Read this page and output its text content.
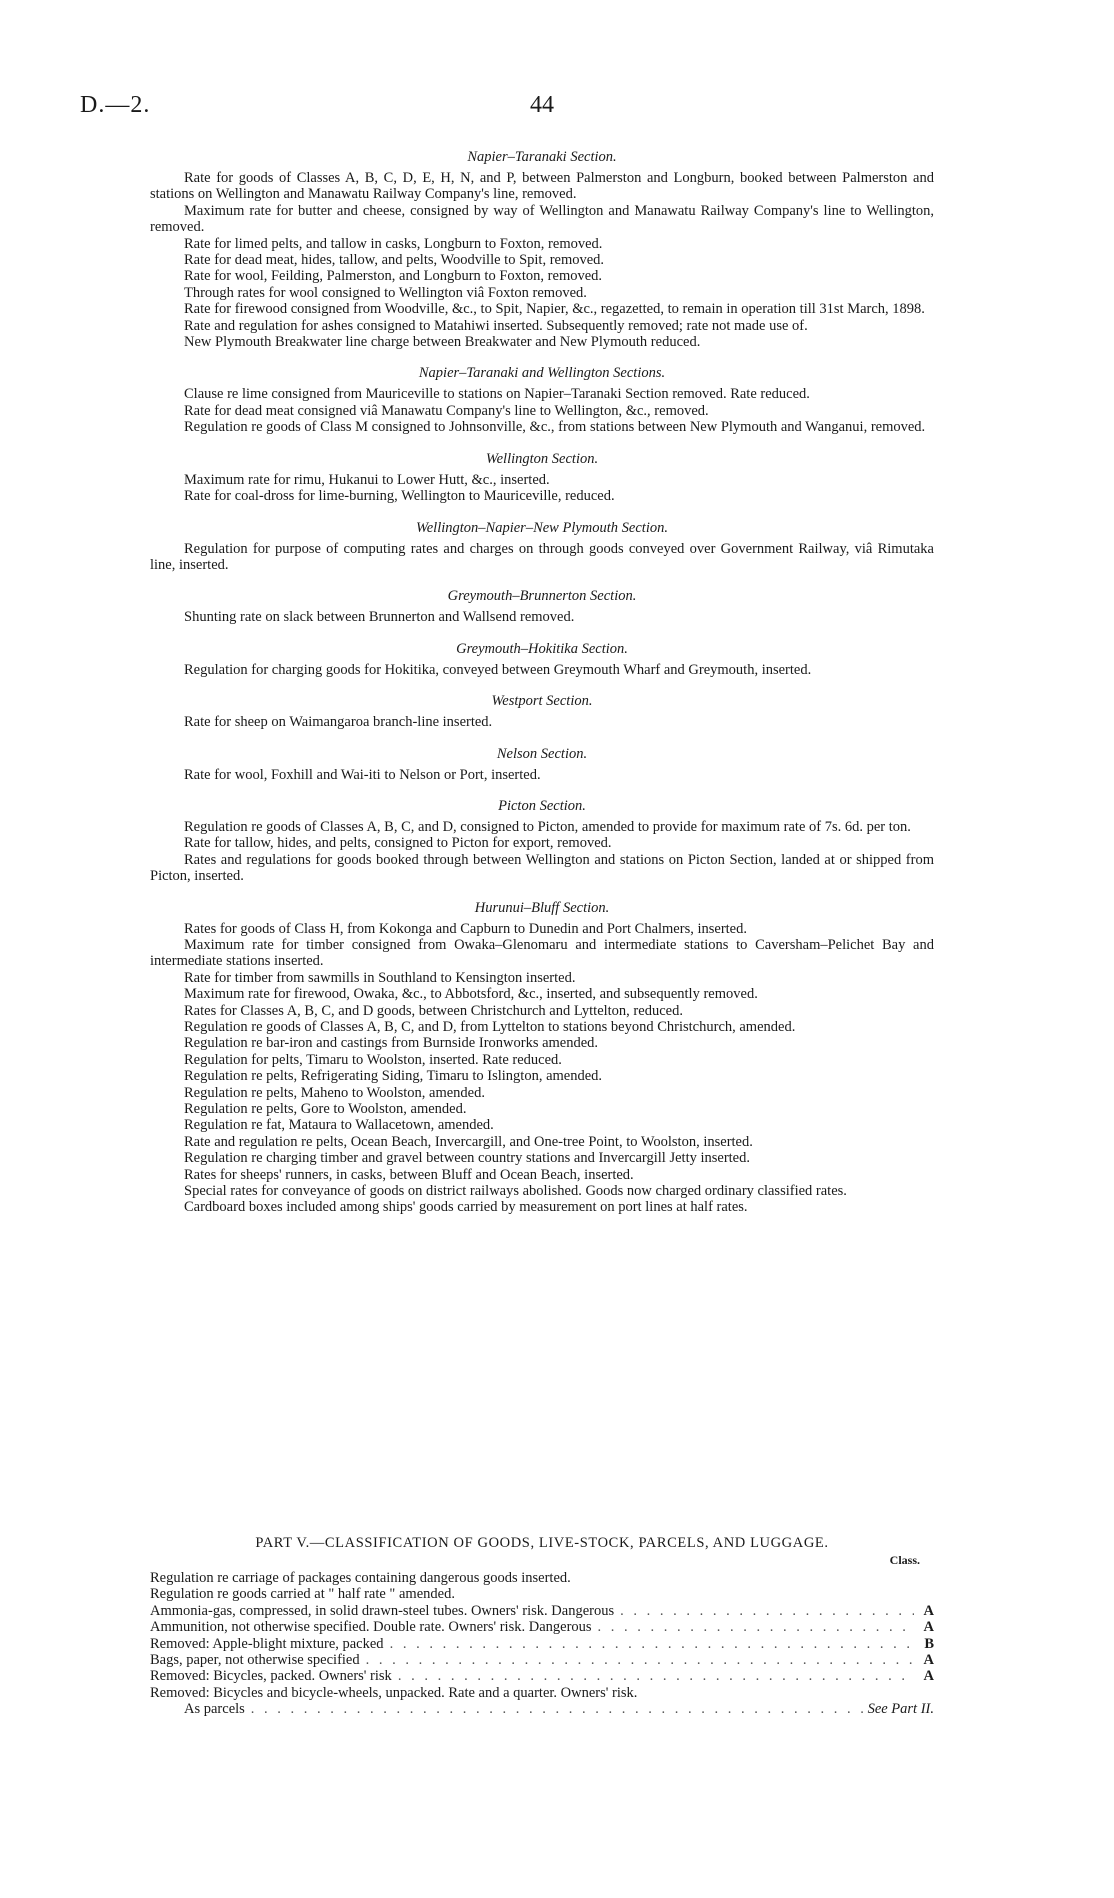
D.—2.	44

Napier–Taranaki Section.

Rate for goods of Classes A, B, C, D, E, H, N, and P, between Palmerston and Longburn, booked between Palmerston and stations on Wellington and Manawatu Railway Company's line, removed.

Maximum rate for butter and cheese, consigned by way of Wellington and Manawatu Railway Company's line to Wellington, removed.

Rate for limed pelts, and tallow in casks, Longburn to Foxton, removed.

Rate for dead meat, hides, tallow, and pelts, Woodville to Spit, removed.

Rate for wool, Feilding, Palmerston, and Longburn to Foxton, removed.

Through rates for wool consigned to Wellington viâ Foxton removed.

Rate for firewood consigned from Woodville, &c., to Spit, Napier, &c., regazetted, to remain in operation till 31st March, 1898.

Rate and regulation for ashes consigned to Matahiwi inserted. Subsequently removed; rate not made use of.

New Plymouth Breakwater line charge between Breakwater and New Plymouth reduced.

Napier–Taranaki and Wellington Sections.

Clause re lime consigned from Mauriceville to stations on Napier–Taranaki Section removed. Rate reduced.

Rate for dead meat consigned viâ Manawatu Company's line to Wellington, &c., removed.

Regulation re goods of Class M consigned to Johnsonville, &c., from stations between New Plymouth and Wanganui, removed.

Wellington Section.

Maximum rate for rimu, Hukanui to Lower Hutt, &c., inserted.

Rate for coal-dross for lime-burning, Wellington to Mauriceville, reduced.

Wellington–Napier–New Plymouth Section.

Regulation for purpose of computing rates and charges on through goods conveyed over Government Railway, viâ Rimutaka line, inserted.

Greymouth–Brunnerton Section.

Shunting rate on slack between Brunnerton and Wallsend removed.

Greymouth–Hokitika Section.

Regulation for charging goods for Hokitika, conveyed between Greymouth Wharf and Greymouth, inserted.

Westport Section.

Rate for sheep on Waimangaroa branch-line inserted.

Nelson Section.

Rate for wool, Foxhill and Wai-iti to Nelson or Port, inserted.

Picton Section.

Regulation re goods of Classes A, B, C, and D, consigned to Picton, amended to provide for maximum rate of 7s. 6d. per ton.

Rate for tallow, hides, and pelts, consigned to Picton for export, removed.

Rates and regulations for goods booked through between Wellington and stations on Picton Section, landed at or shipped from Picton, inserted.

Hurunui–Bluff Section.

Rates for goods of Class H, from Kokonga and Capburn to Dunedin and Port Chalmers, inserted.

Maximum rate for timber consigned from Owaka–Glenomaru and intermediate stations to Caversham–Pelichet Bay and intermediate stations inserted.

Rate for timber from sawmills in Southland to Kensington inserted.

Maximum rate for firewood, Owaka, &c., to Abbotsford, &c., inserted, and subsequently removed.

Rates for Classes A, B, C, and D goods, between Christchurch and Lyttelton, reduced.

Regulation re goods of Classes A, B, C, and D, from Lyttelton to stations beyond Christchurch, amended.

Regulation re bar-iron and castings from Burnside Ironworks amended.

Regulation for pelts, Timaru to Woolston, inserted. Rate reduced.

Regulation re pelts, Refrigerating Siding, Timaru to Islington, amended.

Regulation re pelts, Maheno to Woolston, amended.

Regulation re pelts, Gore to Woolston, amended.

Regulation re fat, Mataura to Wallacetown, amended.

Rate and regulation re pelts, Ocean Beach, Invercargill, and One-tree Point, to Woolston, inserted.

Regulation re charging timber and gravel between country stations and Invercargill Jetty inserted.

Rates for sheeps' runners, in casks, between Bluff and Ocean Beach, inserted.

Special rates for conveyance of goods on district railways abolished. Goods now charged ordinary classified rates.

Cardboard boxes included among ships' goods carried by measurement on port lines at half rates.

PART V.—CLASSIFICATION OF GOODS, LIVE-STOCK, PARCELS, AND LUGGAGE.

Class.
Regulation re carriage of packages containing dangerous goods inserted.
Regulation re goods carried at " half rate " amended.
Ammonia-gas, compressed, in solid drawn-steel tubes. Owners' risk. Dangerous . . .	A
Ammunition, not otherwise specified. Double rate. Owners' risk. Dangerous . . .	A
Removed: Apple-blight mixture, packed . . .	B
Bags, paper, not otherwise specified . . .	A
Removed: Bicycles, packed. Owners' risk . . .	A
Removed: Bicycles and bicycle-wheels, unpacked. Rate and a quarter. Owners' risk.
As parcels . . .	See Part II.
